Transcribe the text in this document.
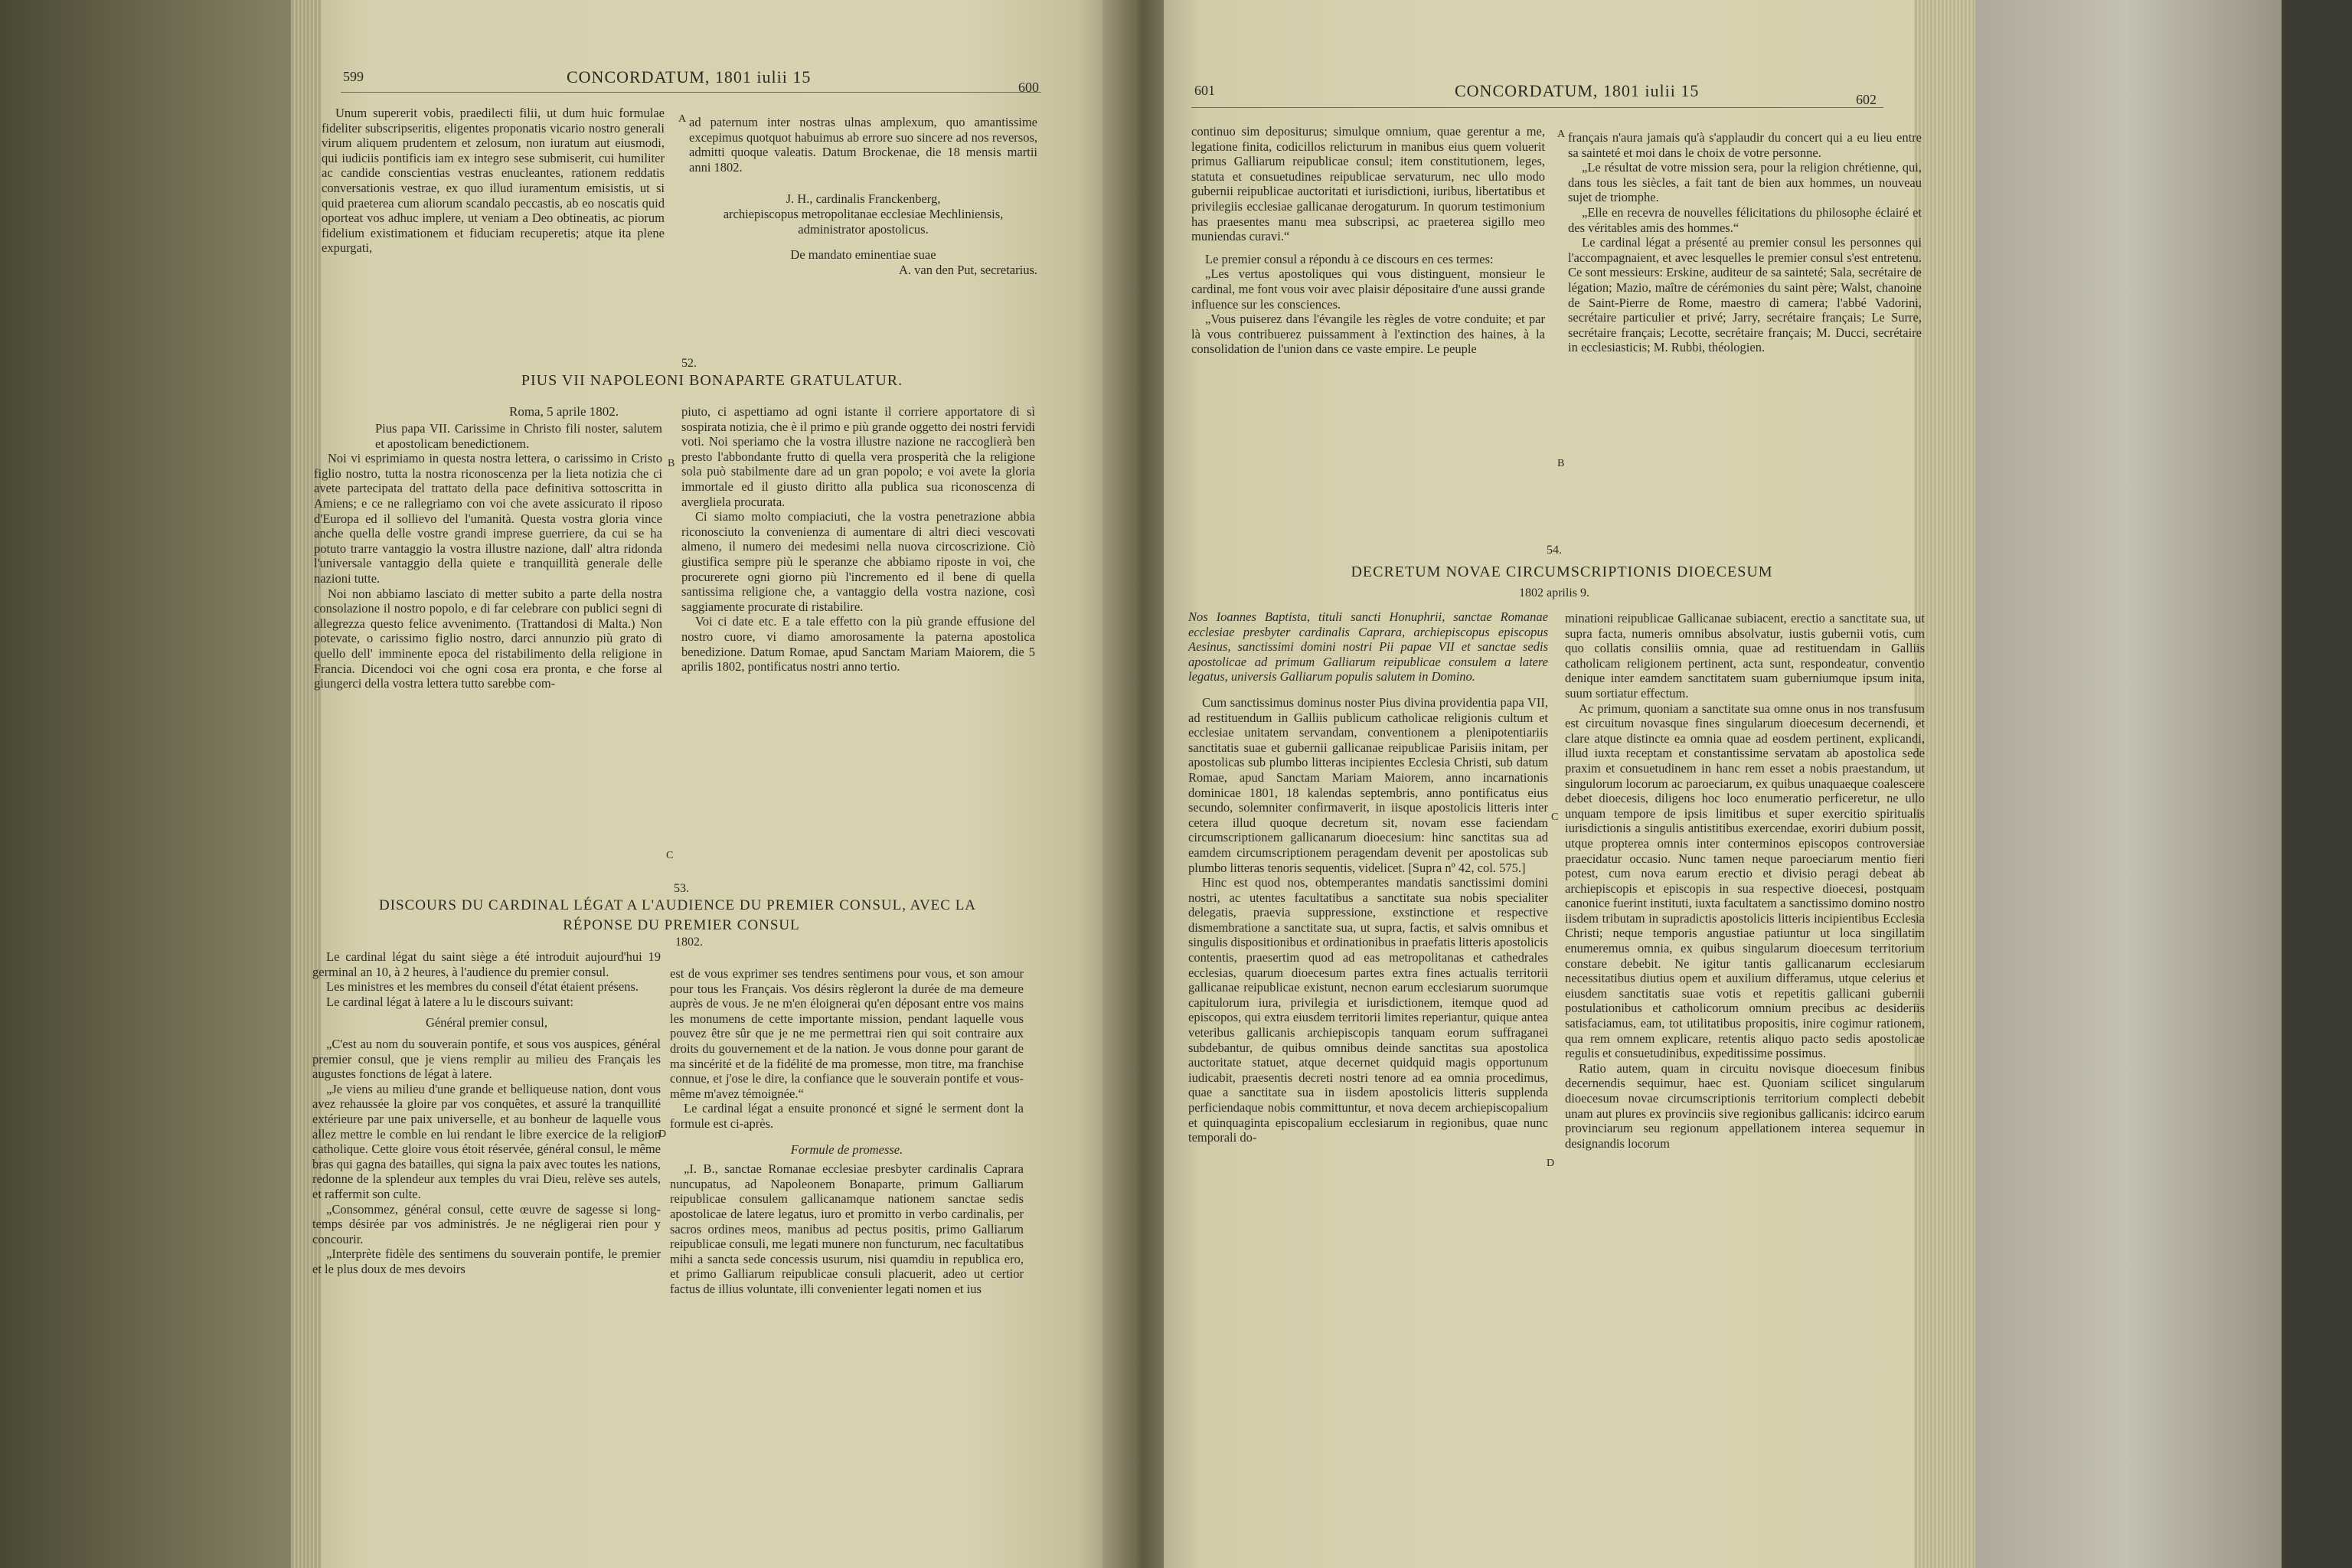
599	CONCORDATUM, 1801 iulii 15
600

Unum supererit vobis, praedilecti filii, ut dum huic formulae fideliter subscripseritis, eligentes proponatis vicario nostro generali virum aliquem prudentem et zelosum, non iuratum aut eiusmodi, qui iudiciis pontificis iam ex integro sese submiserit, cui humiliter ac candide conscientias vestras enucleantes, rationem reddatis conversationis vestrae, ex quo illud iuramentum emisistis, ut si quid praeterea cum aliorum scandalo peccastis, ab eo noscatis quid oporteat vos adhuc implere, ut veniam a Deo obtineatis, ac piorum fidelium existimationem et fiduciam recuperetis; atque ita plene expurgati,

ad paternum inter nostras ulnas amplexum, quo amantissime excepimus quotquot habuimus ab errore suo sincere ad nos reversos, admitti quoque valeatis. Datum Brockenae, die 18 mensis martii anni 1802.

J. H., cardinalis Franckenberg,

archiepiscopus metropolitanae ecclesiae Mechliniensis, administrator apostolicus.

De mandato eminentiae suae

A. van den Put, secretarius.

52.
PIUS VII NAPOLEONI BONAPARTE GRATULATUR.
Roma, 5 aprile 1802.

Pius papa VII. Carissime in Christo fili noster, salutem et apostolicam benedictionem.

Noi vi esprimiamo in questa nostra lettera, o carissimo in Cristo figlio nostro, tutta la nostra riconoscenza per la lieta notizia che ci avete partecipata del trattato della pace definitiva sottoscritta in Amiens; e ce ne rallegriamo con voi che avete assicurato il riposo d'Europa ed il sollievo del l'umanità. Questa vostra gloria vince anche quella delle vostre grandi imprese guerriere, da cui se ha potuto trarre vantaggio la vostra illustre nazione, dall' altra ridonda l'universale vantaggio della quiete e tranquillità generale delle nazioni tutte.

Noi non abbiamo lasciato di metter subito a parte della nostra consolazione il nostro popolo, e di far celebrare con publici segni di allegrezza questo felice avvenimento. (Trattandosi di Malta.) Non potevate, o carissimo figlio nostro, darci annunzio più grato di quello dell' imminente epoca del ristabilimento della religione in Francia. Dicendoci voi che ogni cosa era pronta, e che forse al giungerci della vostra lettera tutto sarebbe com-

piuto, ci aspettiamo ad ogni istante il corriere apportatore di sì sospirata notizia, che è il primo e più grande oggetto dei nostri fervidi voti. Noi speriamo che la vostra illustre nazione ne raccoglierà ben presto l'abbondante frutto di quella vera prosperità che la religione sola può stabilmente dare ad un gran popolo; e voi avete la gloria immortale ed il giusto diritto alla publica sua riconoscenza di avergliela procurata.

Ci siamo molto compiaciuti, che la vostra penetrazione abbia riconosciuto la convenienza di aumentare di altri dieci vescovati almeno, il numero dei medesimi nella nuova circoscrizione. Ciò giustifica sempre più le speranze che abbiamo riposte in voi, che procurerete ogni giorno più l'incremento ed il bene di quella santissima religione che, a vantaggio della vostra nazione, così saggiamente procurate di ristabilire.

Voi ci date etc. E a tale effetto con la più grande effusione del nostro cuore, vi diamo amorosamente la paterna apostolica benedizione. Datum Romae, apud Sanctam Mariam Maiorem, die 5 aprilis 1802, pontificatus nostri anno tertio.

53.
DISCOURS DU CARDINAL LÉGAT A L'AUDIENCE DU PREMIER CONSUL, AVEC LA
RÉPONSE DU PREMIER CONSUL
1802.

Le cardinal légat du saint siège a été introduit aujourd'hui 19 germinal an 10, à 2 heures, à l'audience du premier consul.

Les ministres et les membres du conseil d'état étaient présens.

Le cardinal légat à latere a lu le discours suivant:

Général premier consul,

„C'est au nom du souverain pontife, et sous vos auspices, général premier consul, que je viens remplir au milieu des Français les augustes fonctions de légat à latere.

„Je viens au milieu d'une grande et belliqueuse nation, dont vous avez rehaussée la gloire par vos conquêtes, et assuré la tranquillité extérieure par une paix universelle, et au bonheur de laquelle vous allez mettre le comble en lui rendant le libre exercice de la religion catholique. Cette gloire vous étoit réservée, général consul, le même bras qui gagna des batailles, qui signa la paix avec toutes les nations, redonne de la splendeur aux temples du vrai Dieu, relève ses autels, et raffermit son culte.

„Consommez, général consul, cette œuvre de sagesse si long-temps désirée par vos administrés. Je ne négligerai rien pour y concourir.

„Interprète fidèle des sentimens du souverain pontife, le premier et le plus doux de mes devoirs

est de vous exprimer ses tendres sentimens pour vous, et son amour pour tous les Français. Vos désirs règleront la durée de ma demeure auprès de vous. Je ne m'en éloignerai qu'en déposant entre vos mains les monumens de cette importante mission, pendant laquelle vous pouvez être sûr que je ne me permettrai rien qui soit contraire aux droits du gouvernement et de la nation. Je vous donne pour garant de ma sincérité et de la fidélité de ma promesse, mon titre, ma franchise connue, et j'ose le dire, la confiance que le souverain pontife et vous-même m'avez témoignée.“

Le cardinal légat a ensuite prononcé et signé le serment dont la formule est ci-après.

Formule de promesse.

„I. B., sanctae Romanae ecclesiae presbyter cardinalis Caprara nuncupatus, ad Napoleonem Bonaparte, primum Galliarum reipublicae consulem gallicanamque nationem sanctae sedis apostolicae de latere legatus, iuro et promitto in verbo cardinalis, per sacros ordines meos, manibus ad pectus positis, primo Galliarum reipublicae consuli, me legati munere non functurum, nec facultatibus mihi a sancta sede concessis usurum, nisi quamdiu in republica ero, et primo Galliarum reipublicae consuli placuerit, adeo ut certior factus de illius voluntate, illi convenienter legati nomen et ius

A
B
C
D
601	CONCORDATUM, 1801 iulii 15	602

continuo sim depositurus; simulque omnium, quae gerentur a me, legatione finita, codicillos relicturum in manibus eius quem voluerit primus Galliarum reipublicae consul; item constitutionem, leges, statuta et consuetudines reipublicae servaturum, nec ullo modo gubernii reipublicae auctoritati et iurisdictioni, iuribus, libertatibus et privilegiis ecclesiae gallicanae derogaturum. In quorum testimonium has praesentes manu mea subscripsi, ac praeterea sigillo meo muniendas curavi.“

Le premier consul a répondu à ce discours en ces termes:

„Les vertus apostoliques qui vous distinguent, monsieur le cardinal, me font vous voir avec plaisir dépositaire d'une aussi grande influence sur les consciences.

„Vous puiserez dans l'évangile les règles de votre conduite; et par là vous contribuerez puissamment à l'extinction des haines, à la consolidation de l'union dans ce vaste empire. Le peuple

français n'aura jamais qu'à s'applaudir du concert qui a eu lieu entre sa sainteté et moi dans le choix de votre personne.

„Le résultat de votre mission sera, pour la religion chrétienne, qui, dans tous les siècles, a fait tant de bien aux hommes, un nouveau sujet de triomphe.

„Elle en recevra de nouvelles félicitations du philosophe éclairé et des véritables amis des hommes.“

Le cardinal légat a présenté au premier consul les personnes qui l'accompagnaient, et avec lesquelles le premier consul s'est entretenu. Ce sont messieurs: Erskine, auditeur de sa sainteté; Sala, secrétaire de légation; Mazio, maître de cérémonies du saint père; Walst, chanoine de Saint-Pierre de Rome, maestro di camera; l'abbé Vadorini, secrétaire particulier et privé; Jarry, secrétaire français; Le Surre, secrétaire français; Lecotte, secrétaire français; M. Ducci, secrétaire in ecclesiasticis; M. Rubbi, théologien.

54.
DECRETUM NOVAE CIRCUMSCRIPTIONIS DIOECESUM
1802 aprilis 9.

Nos Ioannes Baptista, tituli sancti Honuphrii, sanctae Romanae ecclesiae presbyter cardinalis Caprara, archiepiscopus episcopus Aesinus, sanctissimi domini nostri Pii papae VII et sanctae sedis apostolicae ad primum Galliarum reipublicae consulem a latere legatus, universis Galliarum populis salutem in Domino.

Cum sanctissimus dominus noster Pius divina providentia papa VII, ad restituendum in Galliis publicum catholicae religionis cultum et ecclesiae unitatem servandam, conventionem a plenipotentiariis sanctitatis suae et gubernii gallicanae reipublicae Parisiis initam, per apostolicas sub plumbo litteras incipientes Ecclesia Christi, sub datum Romae, apud Sanctam Mariam Maiorem, anno incarnationis dominicae 1801, 18 kalendas septembris, anno pontificatus eius secundo, solemniter confirmaverit, in iisque apostolicis litteris inter cetera illud quoque decretum sit, novam esse faciendam circumscriptionem gallicanarum dioecesium: hinc sanctitas sua ad eamdem circumscriptionem peragendam devenit per apostolicas sub plumbo litteras tenoris sequentis, videlicet. [Supra nº 42, col. 575.]

Hinc est quod nos, obtemperantes mandatis sanctissimi domini nostri, ac utentes facultatibus a sanctitate sua nobis specialiter delegatis, praevia suppressione, exstinctione et respective dismembratione a sanctitate sua, ut supra, factis, et salvis omnibus et singulis dispositionibus et ordinationibus in praefatis litteris apostolicis contentis, praesertim quod ad eas metropolitanas et cathedrales ecclesias, quarum dioecesum partes extra fines actualis territorii gallicanae reipublicae existunt, necnon earum ecclesiarum suorumque capitulorum iura, privilegia et iurisdictionem, itemque quod ad episcopos, qui extra eiusdem territorii limites reperiantur, quique antea veteribus gallicanis archiepiscopis tanquam eorum suffraganei subdebantur, de quibus omnibus deinde sanctitas sua apostolica auctoritate statuet, atque decernet quidquid magis opportunum iudicabit, praesentis decreti nostri tenore ad ea omnia procedimus, quae a sanctitate sua in iisdem apostolicis litteris supplenda perficiendaque nobis committuntur, et nova decem archiepiscopalium et quinquaginta episcopalium ecclesiarum in regionibus, quae nunc temporali do-

minationi reipublicae Gallicanae subiacent, erectio a sanctitate sua, ut supra facta, numeris omnibus absolvatur, iustis gubernii votis, cum quo collatis consiliis omnia, quae ad restituendam in Galliis catholicam religionem pertinent, acta sunt, respondeatur, conventio denique inter eamdem sanctitatem suam guberniumque ipsum inita, suum sortiatur effectum.

Ac primum, quoniam a sanctitate sua omne onus in nos transfusum est circuitum novasque fines singularum dioecesum decernendi, et clare atque distincte ea omnia quae ad eosdem pertinent, explicandi, illud iuxta receptam et constantissime servatam ab apostolica sede praxim et consuetudinem in hanc rem esset a nobis praestandum, ut singulorum locorum ac paroeciarum, ex quibus unaquaeque coalescere debet dioecesis, diligens hoc loco enumeratio perficeretur, ne ullo unquam tempore de ipsis limitibus et super exercitio spiritualis iurisdictionis a singulis antistitibus exercendae, exoriri dubium possit, utque propterea omnis inter conterminos episcopos controversiae praecidatur occasio. Nunc tamen neque paroeciarum mentio fieri potest, cum nova earum erectio et divisio peragi debeat ab archiepiscopis et episcopis in sua respective dioecesi, postquam canonice fuerint instituti, iuxta facultatem a sanctissimo domino nostro iisdem tributam in supradictis apostolicis litteris incipientibus Ecclesia Christi; neque temporis angustiae patiuntur ut loca singillatim enumeremus omnia, ex quibus singularum dioecesum territorium constare debebit. Ne igitur tantis gallicanarum ecclesiarum necessitatibus diutius opem et auxilium differamus, utque celerius et eiusdem sanctitatis suae votis et repetitis gallicani gubernii postulationibus et catholicorum omnium precibus ac desideriis satisfaciamus, eam, tot utilitatibus propositis, inire cogimur rationem, qua rem omnem explicare, retentis aliquo pacto sedis apostolicae regulis et consuetudinibus, expeditissime possimus.

Ratio autem, quam in circuitu novisque dioecesum finibus decernendis sequimur, haec est. Quoniam scilicet singularum dioecesum novae circumscriptionis territorium complecti debebit unam aut plures ex provinciis sive regionibus gallicanis: idcirco earum provinciarum seu regionum appellationem interea sequemur in designandis locorum

A
B
C
D
